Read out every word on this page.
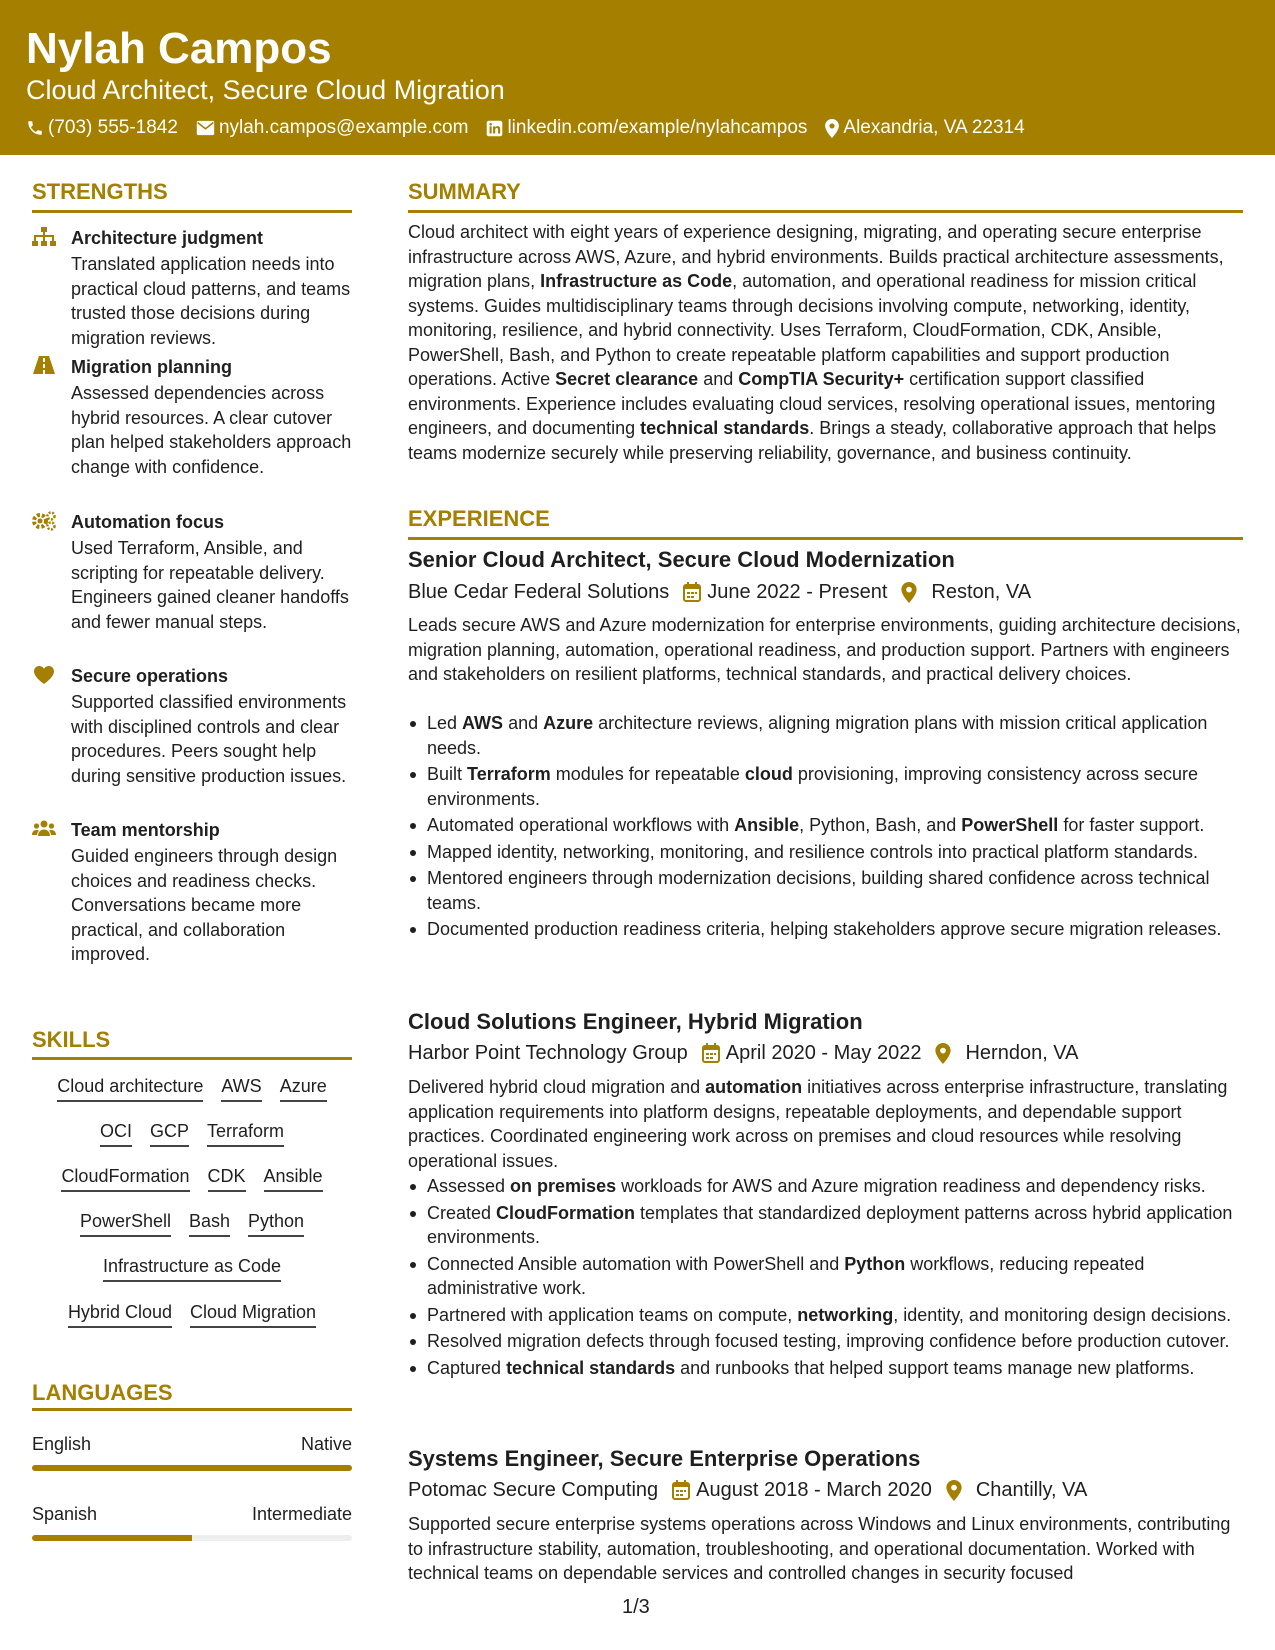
Nylah Campos
Cloud Architect, Secure Cloud Migration
(703) 555-1842 nylah.campos@example.com linkedin.com/example/nylahcampos Alexandria, VA 22314
STRENGTHS
Architecture judgment
Translated application needs into practical cloud patterns, and teams trusted those decisions during migration reviews.
Migration planning
Assessed dependencies across hybrid resources. A clear cutover plan helped stakeholders approach change with confidence.
Automation focus
Used Terraform, Ansible, and scripting for repeatable delivery. Engineers gained cleaner handoffs and fewer manual steps.
Secure operations
Supported classified environments with disciplined controls and clear procedures. Peers sought help during sensitive production issues.
Team mentorship
Guided engineers through design choices and readiness checks. Conversations became more practical, and collaboration improved.
SKILLS
Cloud architecture AWS Azure
OCI GCP Terraform
CloudFormation CDK Ansible
PowerShell Bash Python
Infrastructure as Code
Hybrid Cloud Cloud Migration
LANGUAGES
English	Native
Spanish	Intermediate
SUMMARY

Cloud architect with eight years of experience designing, migrating, and operating secure enterprise infrastructure across AWS, Azure, and hybrid environments. Builds practical architecture assessments, migration plans, Infrastructure as Code, automation, and operational readiness for mission critical systems. Guides multidisciplinary teams through decisions involving compute, networking, identity, monitoring, resilience, and hybrid connectivity. Uses Terraform, CloudFormation, CDK, Ansible, PowerShell, Bash, and Python to create repeatable platform capabilities and support production operations. Active Secret clearance and CompTIA Security+ certification support classified environments. Experience includes evaluating cloud services, resolving operational issues, mentoring engineers, and documenting technical standards. Brings a steady, collaborative approach that helps teams modernize securely while preserving reliability, governance, and business continuity.

EXPERIENCE
Senior Cloud Architect, Secure Cloud Modernization
Blue Cedar Federal Solutions June 2022 - Present Reston, VA

Leads secure AWS and Azure modernization for enterprise environments, guiding architecture decisions, migration planning, automation, operational readiness, and production support. Partners with engineers and stakeholders on resilient platforms, technical standards, and practical delivery choices.

Led AWS and Azure architecture reviews, aligning migration plans with mission critical application needs.
Built Terraform modules for repeatable cloud provisioning, improving consistency across secure environments.
Automated operational workflows with Ansible, Python, Bash, and PowerShell for faster support.
Mapped identity, networking, monitoring, and resilience controls into practical platform standards.
Mentored engineers through modernization decisions, building shared confidence across technical teams.
Documented production readiness criteria, helping stakeholders approve secure migration releases.
Cloud Solutions Engineer, Hybrid Migration
Harbor Point Technology Group April 2020 - May 2022 Herndon, VA

Delivered hybrid cloud migration and automation initiatives across enterprise infrastructure, translating application requirements into platform designs, repeatable deployments, and dependable support practices. Coordinated engineering work across on premises and cloud resources while resolving operational issues.

Assessed on premises workloads for AWS and Azure migration readiness and dependency risks.
Created CloudFormation templates that standardized deployment patterns across hybrid application environments.
Connected Ansible automation with PowerShell and Python workflows, reducing repeated administrative work.
Partnered with application teams on compute, networking, identity, and monitoring design decisions.
Resolved migration defects through focused testing, improving confidence before production cutover.
Captured technical standards and runbooks that helped support teams manage new platforms.
Systems Engineer, Secure Enterprise Operations
Potomac Secure Computing August 2018 - March 2020 Chantilly, VA

Supported secure enterprise systems operations across Windows and Linux environments, contributing to infrastructure stability, automation, troubleshooting, and operational documentation. Worked with technical teams on dependable services and controlled changes in security focused

1/3
